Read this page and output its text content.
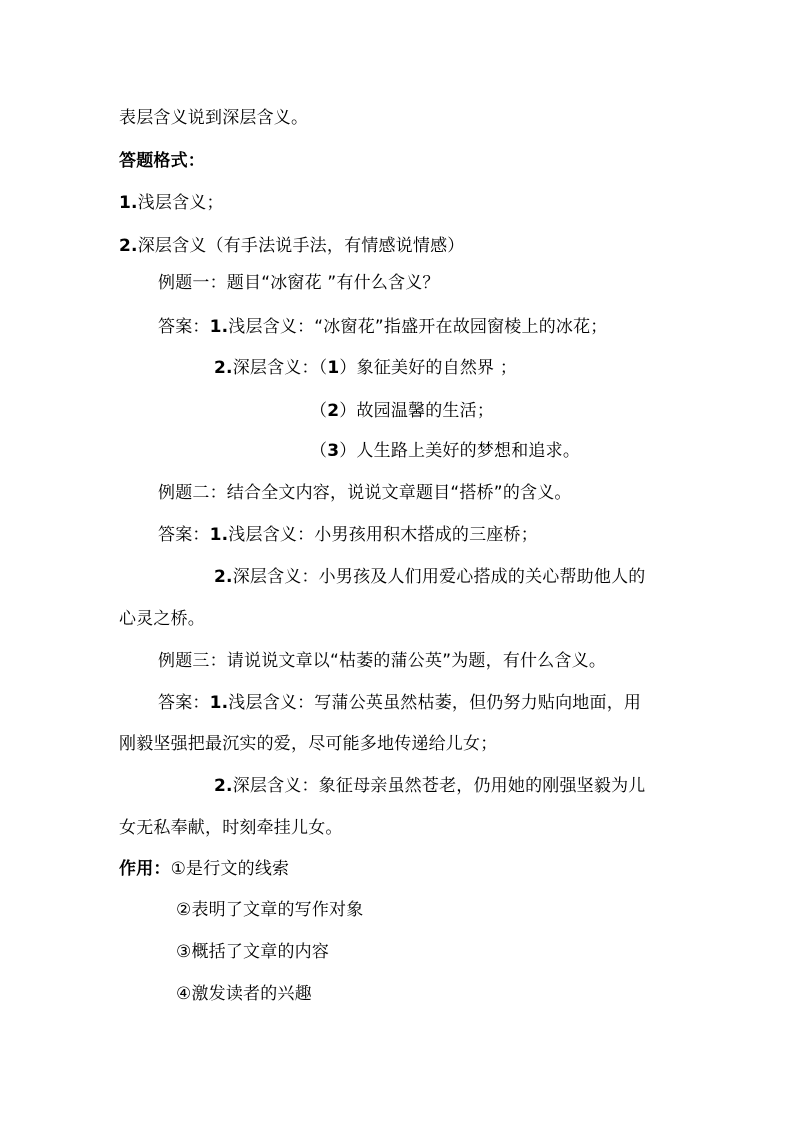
表层含义说到深层含义。
答题格式：
1.浅层含义；
2.深层含义（有手法说手法，有情感说情感）
例题一：题目“冰窗花 ”有什么含义？
答案：1.浅层含义：“冰窗花”指盛开在故园窗棱上的冰花；
2.深层含义：（1）象征美好的自然界 ；
（2）故园温馨的生活；
（3）人生路上美好的梦想和追求。
例题二：结合全文内容，说说文章题目“搭桥”的含义。
答案：1.浅层含义：小男孩用积木搭成的三座桥；
2.深层含义：小男孩及人们用爱心搭成的关心帮助他人的
心灵之桥。
例题三：请说说文章以“枯萎的蒲公英”为题，有什么含义。
答案：1.浅层含义：写蒲公英虽然枯萎，但仍努力贴向地面，用
刚毅坚强把最沉实的爱，尽可能多地传递给儿女；
2.深层含义：象征母亲虽然苍老，仍用她的刚强坚毅为儿
女无私奉献，时刻牵挂儿女。
作用：①是行文的线索
②表明了文章的写作对象
③概括了文章的内容
④激发读者的兴趣
